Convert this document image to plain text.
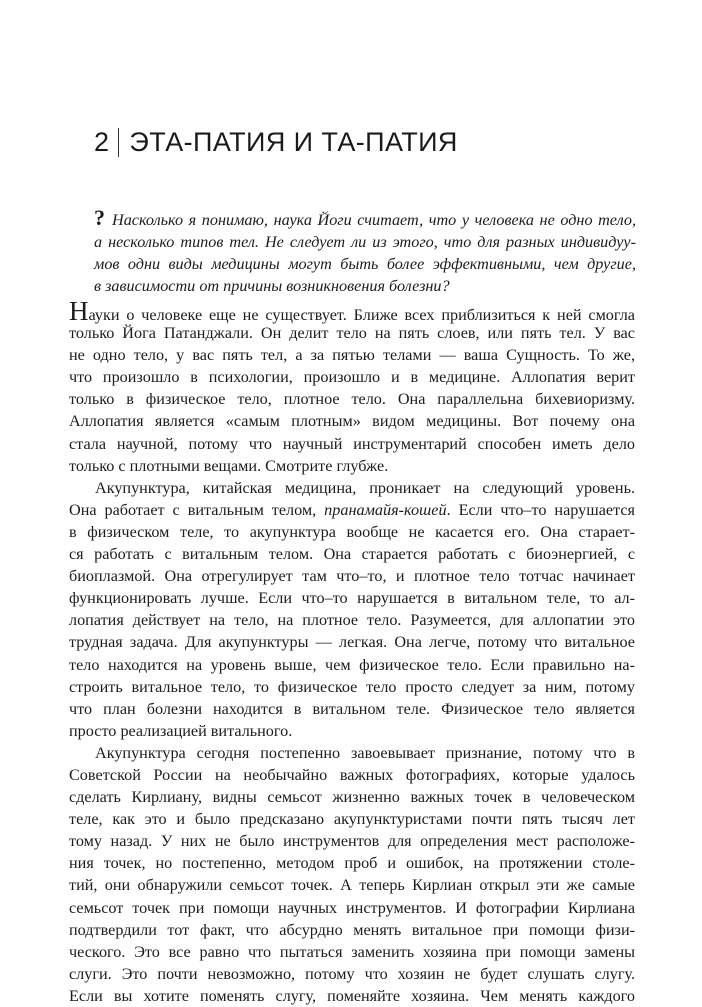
2 ЭТА-ПАТИЯ И ТА-ПАТИЯ
? Насколько я понимаю, наука Йоги считает, что у человека не одно тело,
а несколько типов тел. Не следует ли из этого, что для разных индивидуу-
мов одни виды медицины могут быть более эффективными, чем другие,
в зависимости от причины возникновения болезни?
Науки о человеке еще не существует. Ближе всех приблизиться к ней смогла
только Йога Патанджали. Он делит тело на пять слоев, или пять тел. У вас
не одно тело, у вас пять тел, а за пятью телами — ваша Сущность. То же,
что произошло в психологии, произошло и в медицине. Аллопатия верит
только в физическое тело, плотное тело. Она параллельна бихевиоризму.
Аллопатия является «самым плотным» видом медицины. Вот почему она
стала научной, потому что научный инструментарий способен иметь дело
только с плотными вещами. Смотрите глубже.
Акупунктура, китайская медицина, проникает на следующий уровень.
Она работает с витальным телом, пранамайя-кошей. Если что–то нарушается
в физическом теле, то акупунктура вообще не касается его. Она старает-
ся работать с витальным телом. Она старается работать с биоэнергией, с
биоплазмой. Она отрегулирует там что–то, и плотное тело тотчас начинает
функционировать лучше. Если что–то нарушается в витальном теле, то ал-
лопатия действует на тело, на плотное тело. Разумеется, для аллопатии это
трудная задача. Для акупунктуры — легкая. Она легче, потому что витальное
тело находится на уровень выше, чем физическое тело. Если правильно на-
строить витальное тело, то физическое тело просто следует за ним, потому
что план болезни находится в витальном теле. Физическое тело является
просто реализацией витального.
Акупунктура сегодня постепенно завоевывает признание, потому что в
Советской России на необычайно важных фотографиях, которые удалось
сделать Кирлиану, видны семьсот жизненно важных точек в человеческом
теле, как это и было предсказано акупунктуристами почти пять тысяч лет
тому назад. У них не было инструментов для определения мест расположе-
ния точек, но постепенно, методом проб и ошибок, на протяжении столе-
тий, они обнаружили семьсот точек. А теперь Кирлиан открыл эти же самые
семьсот точек при помощи научных инструментов. И фотографии Кирлиана
подтвердили тот факт, что абсурдно менять витальное при помощи физи-
ческого. Это все равно что пытаться заменить хозяина при помощи замены
слуги. Это почти невозможно, потому что хозяин не будет слушать слугу.
Если вы хотите поменять слугу, поменяйте хозяина. Чем менять каждого
